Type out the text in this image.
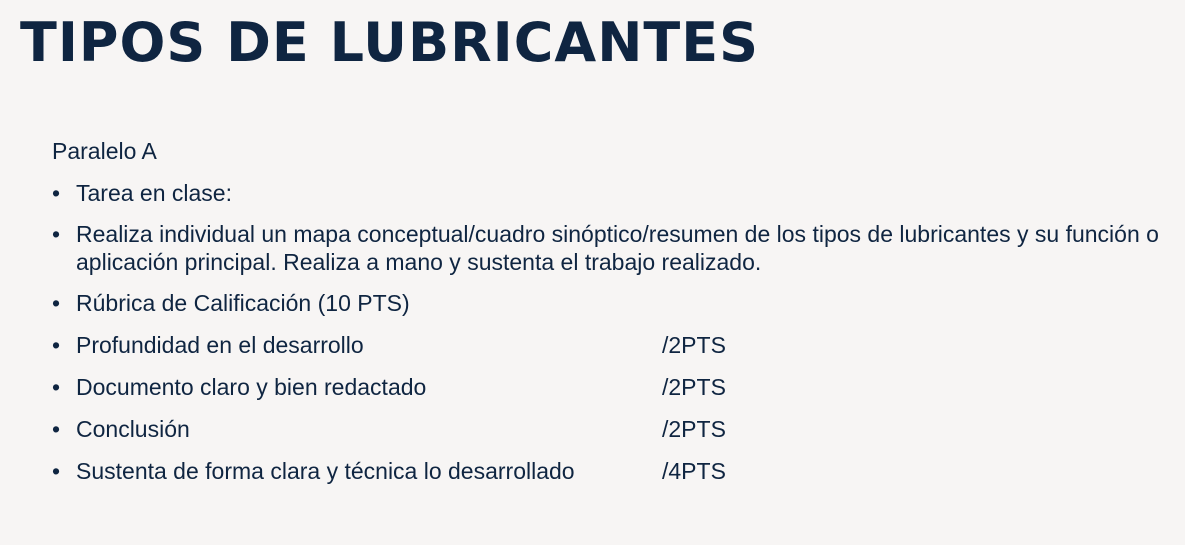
TIPOS DE LUBRICANTES

Paralelo A

• Tarea en clase:
• Realiza individual un mapa conceptual/cuadro sinóptico/resumen de los tipos de lubricantes y su función o aplicación principal. Realiza a mano y sustenta el trabajo realizado.
• Rúbrica de Calificación (10 PTS)
• Profundidad en el desarrollo	/2PTS
• Documento claro y bien redactado	/2PTS
• Conclusión	/2PTS
• Sustenta de forma clara y técnica lo desarrollado	/4PTS
